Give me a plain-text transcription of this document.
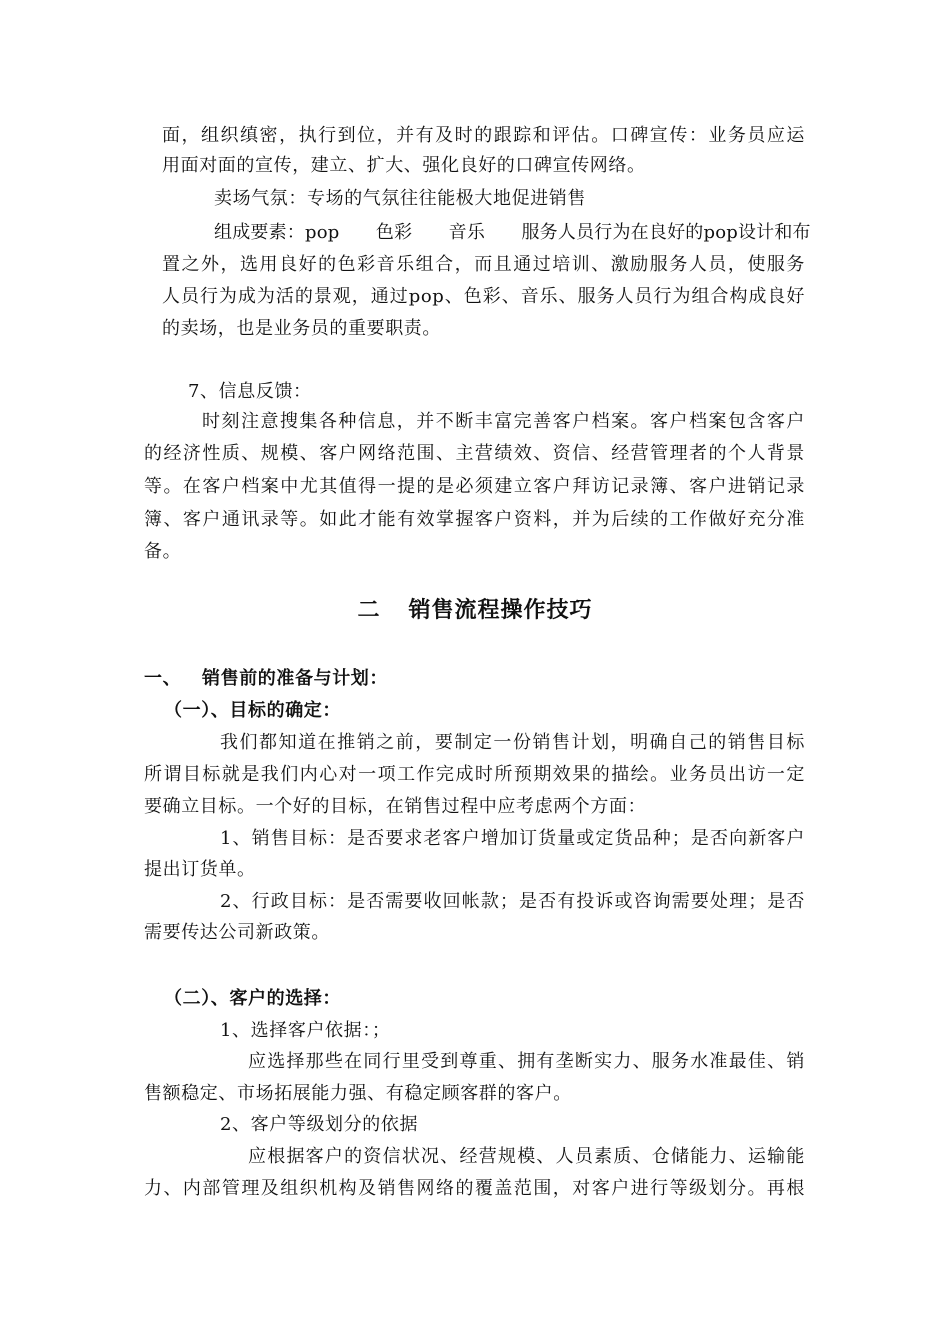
面，组织缜密，执行到位，并有及时的跟踪和评估。口碑宣传：业务员应运
用面对面的宣传，建立、扩大、强化良好的口碑宣传网络。
卖场气氛：专场的气氛往往能极大地促进销售
组成要素：pop　　色彩　　音乐　　服务人员行为在良好的pop设计和布
置之外，选用良好的色彩音乐组合，而且通过培训、激励服务人员，使服务
人员行为成为活的景观，通过pop、色彩、音乐、服务人员行为组合构成良好
的卖场，也是业务员的重要职责。
7、信息反馈：
时刻注意搜集各种信息，并不断丰富完善客户档案。客户档案包含客户
的经济性质、规模、客户网络范围、主营绩效、资信、经营管理者的个人背景
等。在客户档案中尤其值得一提的是必须建立客户拜访记录簿、客户进销记录
簿、客户通讯录等。如此才能有效掌握客户资料，并为后续的工作做好充分准
备。
二 销售流程操作技巧
一、 销售前的准备与计划：
（一）、目标的确定：
我们都知道在推销之前，要制定一份销售计划，明确自己的销售目标
所谓目标就是我们内心对一项工作完成时所预期效果的描绘。业务员出访一定
要确立目标。一个好的目标，在销售过程中应考虑两个方面：
1、销售目标：是否要求老客户增加订货量或定货品种；是否向新客户
提出订货单。
2、行政目标：是否需要收回帐款；是否有投诉或咨询需要处理；是否
需要传达公司新政策。
（二）、客户的选择：
1、选择客户依据：；
应选择那些在同行里受到尊重、拥有垄断实力、服务水准最佳、销
售额稳定、市场拓展能力强、有稳定顾客群的客户。
2、客户等级划分的依据
应根据客户的资信状况、经营规模、人员素质、仓储能力、运输能
力、内部管理及组织机构及销售网络的覆盖范围，对客户进行等级划分。再根
